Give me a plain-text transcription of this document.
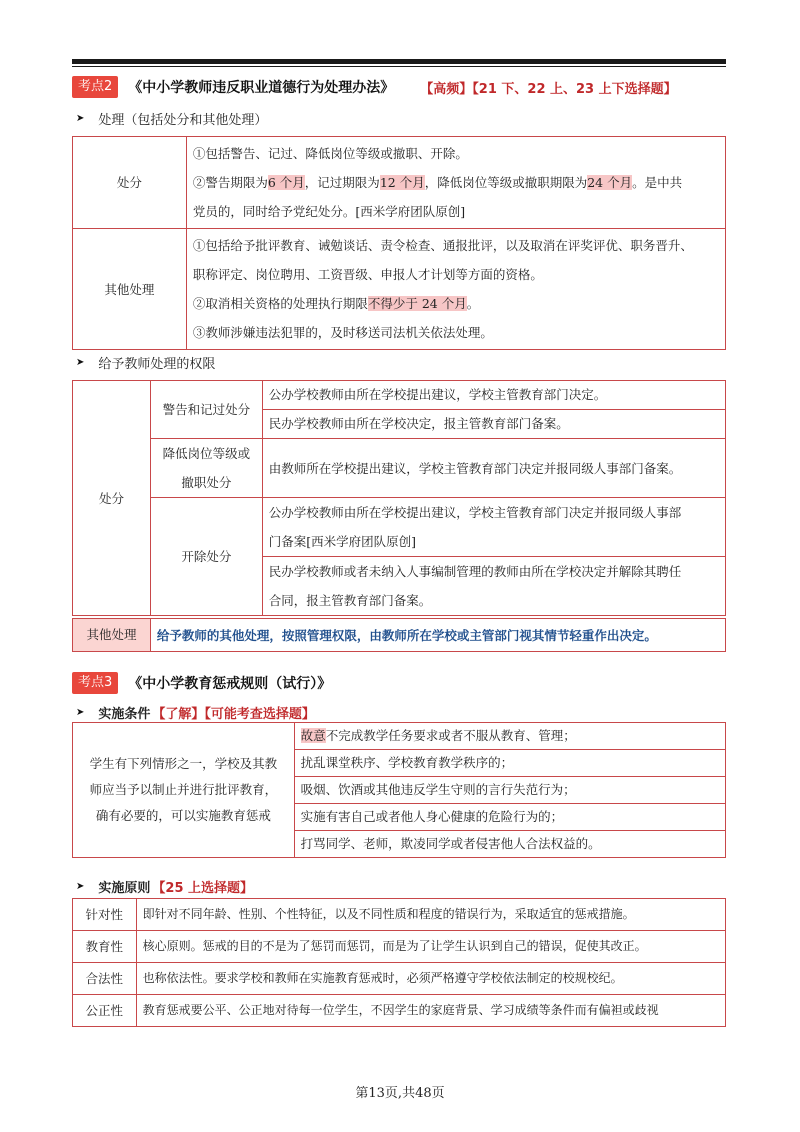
考点2	《中小学教师违反职业道德行为处理办法》 【高频】【21 下、22 上、23 上下选择题】
➤ 处理（包括处分和其他处理）
处分	①包括警告、记过、降低岗位等级或撤职、开除。
②警告期限为6 个月，记过期限为12 个月，降低岗位等级或撤职期限为24 个月。是中共
党员的，同时给予党纪处分。[西米学府团队原创]

其他处理	①包括给予批评教育、诫勉谈话、责令检查、通报批评，以及取消在评奖评优、职务晋升、
职称评定、岗位聘用、工资晋级、申报人才计划等方面的资格。
②取消相关资格的处理执行期限不得少于 24 个月。
③教师涉嫌违法犯罪的，及时移送司法机关依法处理。
➤ 给予教师处理的权限
处分	警告和记过处分	公办学校教师由所在学校提出建议，学校主管教育部门决定。
		民办学校教师由所在学校决定，报主管教育部门备案。

	降低岗位等级或
撤职处分	由教师所在学校提出建议，学校主管教育部门决定并报同级人事部门备案。
	开除处分	公办学校教师由所在学校提出建议，学校主管教育部门决定并报同级人事部
门备案[西米学府团队原创]

		民办学校教师或者未纳入人事编制管理的教师由所在学校决定并解除其聘任
合同，报主管教育部门备案。
其他处理	给予教师的其他处理，按照管理权限，由教师所在学校或主管部门视其情节轻重作出决定。
考点3	《中小学教育惩戒规则（试行）》
➤ 实施条件 【了解】【可能考查选择题】
学生有下列情形之一，学校及其教
师应当予以制止并进行批评教育，
确有必要的，可以实施教育惩戒
	故意不完成教学任务要求或者不服从教育、管理；
扰乱课堂秩序、学校教育教学秩序的；
吸烟、饮酒或其他违反学生守则的言行失范行为；
实施有害自己或者他人身心健康的危险行为的；
打骂同学、老师，欺凌同学或者侵害他人合法权益的。
➤ 实施原则 【25 上选择题】
针对性	即针对不同年龄、性别、个性特征，以及不同性质和程度的错误行为，采取适宜的惩戒措施。
教育性	核心原则。惩戒的目的不是为了惩罚而惩罚，而是为了让学生认识到自己的错误，促使其改正。
合法性	也称依法性。要求学校和教师在实施教育惩戒时，必须严格遵守学校依法制定的校规校纪。
公正性	教育惩戒要公平、公正地对待每一位学生，不因学生的家庭背景、学习成绩等条件而有偏袒或歧视
第13页,共48页
